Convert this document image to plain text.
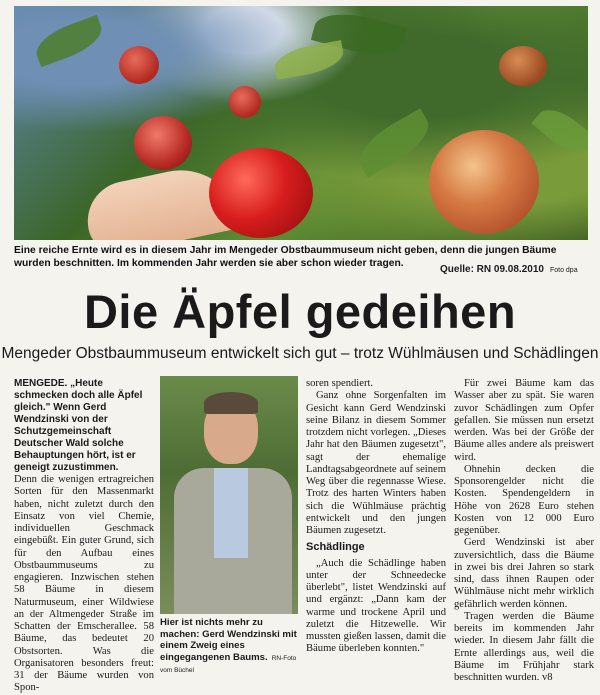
Eine reiche Ernte wird es in diesem Jahr im Mengeder Obstbaummuseum nicht geben, denn die jungen Bäume wurden beschnitten. Im kommenden Jahr werden sie aber schon wieder tragen.
Quelle: RN 09.08.2010 Foto dpa
Die Äpfel gedeihen
Mengeder Obstbaummuseum entwickelt sich gut – trotz Wühlmäusen und Schädlingen

MENGEDE. „Heute schmecken doch alle Äpfel gleich." Wenn Gerd Wendzinski von der Schutzgemeinschaft Deutscher Wald solche Behauptungen hört, ist er geneigt zuzustimmen.

Denn die wenigen ertragreichen Sorten für den Massenmarkt haben, nicht zuletzt durch den Einsatz von viel Chemie, individuellen Geschmack eingebüßt. Ein guter Grund, sich für den Aufbau eines Obstbaummuseums zu engagieren. Inzwischen stehen 58 Bäume in diesem Naturmuseum, einer Wildwiese an der Altmengeder Straße im Schatten der Emscherallee. 58 Bäume, das bedeutet 20 Obstsorten. Was die Organisatoren besonders freut: 31 der Bäume wurden von Spon-

Hier ist nichts mehr zu machen: Gerd Wendzinski mit einem Zweig eines eingegangenen Baums. RN-Foto vom Büchel

soren spendiert.

Ganz ohne Sorgenfalten im Gesicht kann Gerd Wendzinski seine Bilanz in diesem Sommer trotzdem nicht vorlegen. „Dieses Jahr hat den Bäumen zugesetzt", sagt der ehemalige Landtagsabgeordnete auf seinem Weg über die regennasse Wiese. Trotz des harten Winters haben sich die Wühlmäuse prächtig entwickelt und den jungen Bäumen zugesetzt.

Schädlinge

„Auch die Schädlinge haben unter der Schneedecke überlebt", listet Wendzinski auf und ergänzt: „Dann kam der warme und trockene April und zuletzt die Hitzewelle. Wir mussten gießen lassen, damit die Bäume überleben konnten."

Für zwei Bäume kam das Wasser aber zu spät. Sie waren zuvor Schädlingen zum Opfer gefallen. Sie müssen nun ersetzt werden. Was bei der Größe der Bäume alles andere als preiswert wird.

Ohnehin decken die Sponsorengelder nicht die Kosten. Spendengeldern in Höhe von 2628 Euro stehen Kosten von 12 000 Euro gegenüber.

Gerd Wendzinski ist aber zuversichtlich, dass die Bäume in zwei bis drei Jahren so stark sind, dass ihnen Raupen oder Wühlmäuse nicht mehr wirklich gefährlich werden können.

Tragen werden die Bäume bereits im kommenden Jahr wieder. In diesem Jahr fällt die Ernte allerdings aus, weil die Bäume im Frühjahr stark beschnitten wurden. v8
